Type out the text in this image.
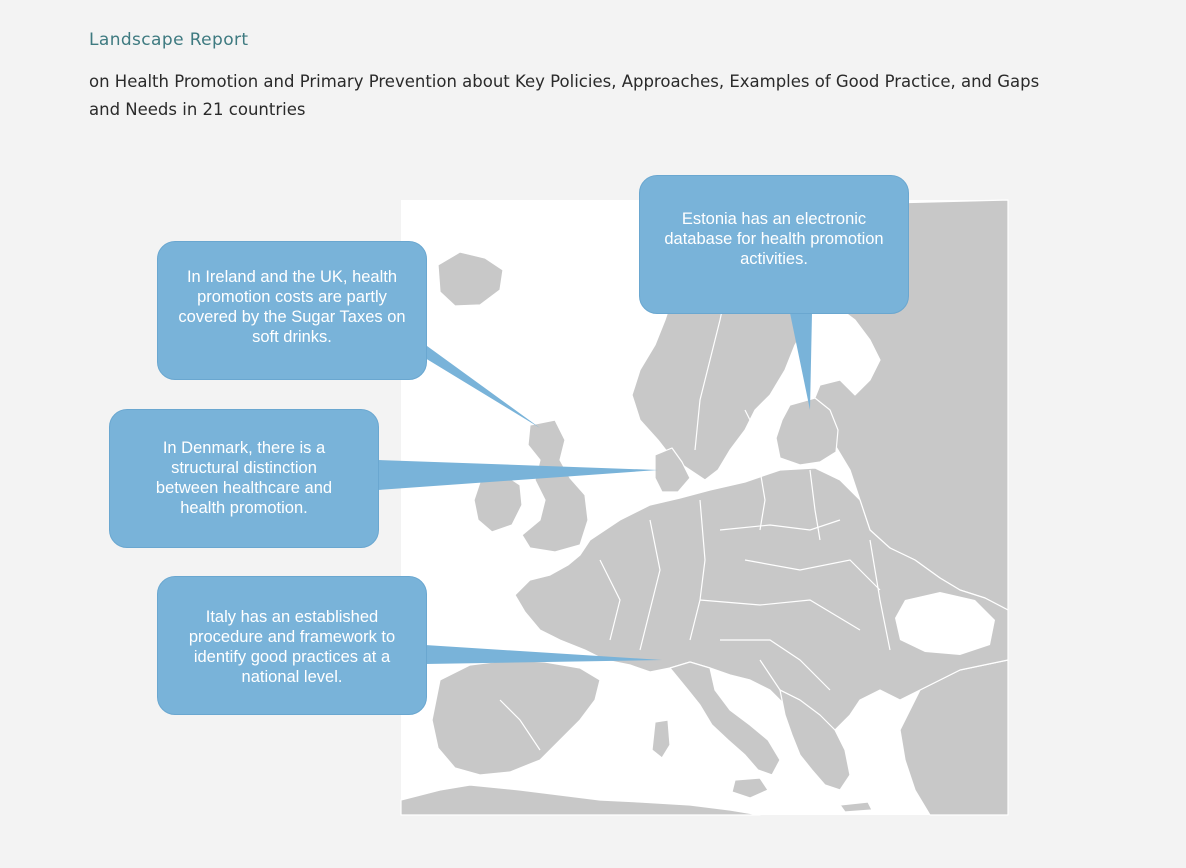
Landscape Report
on Health Promotion and Primary Prevention about Key Policies, Approaches, Examples of Good Practice, and Gaps and Needs in 21 countries
Estonia has an electronic database for health promotion activities.
In Ireland and the UK, health promotion costs are partly covered by the Sugar Taxes on soft drinks.
In Denmark, there is a structural distinction between healthcare and health promotion.
Italy has an established procedure and framework to identify good practices at a national level.
